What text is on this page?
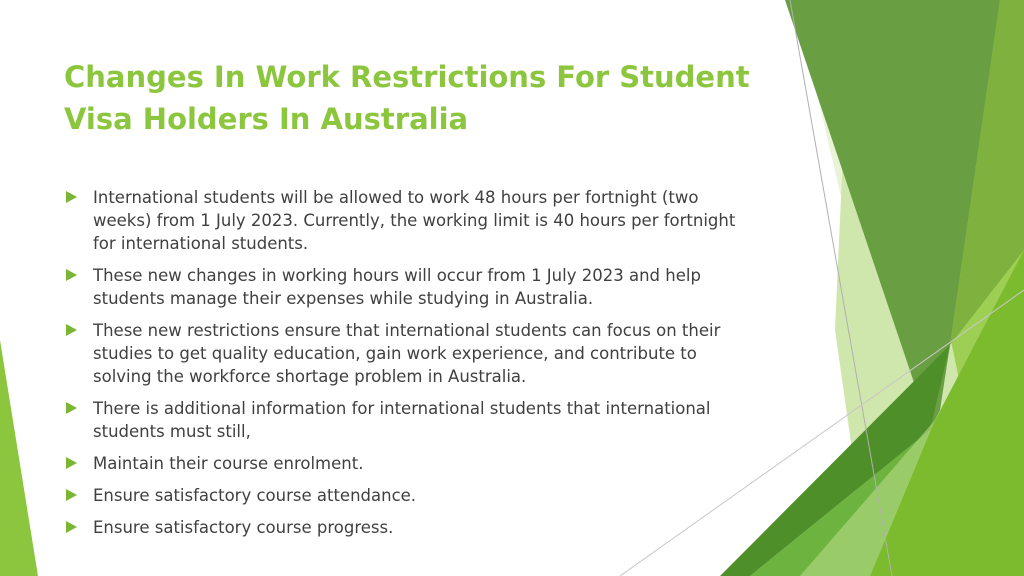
Changes In Work Restrictions For Student Visa Holders In Australia
International students will be allowed to work 48 hours per fortnight (two weeks) from 1 July 2023. Currently, the working limit is 40 hours per fortnight for international students.
These new changes in working hours will occur from 1 July 2023 and help students manage their expenses while studying in Australia.
These new restrictions ensure that international students can focus on their studies to get quality education, gain work experience, and contribute to solving the workforce shortage problem in Australia.
There is additional information for international students that international students must still,
Maintain their course enrolment.
Ensure satisfactory course attendance.
Ensure satisfactory course progress.
